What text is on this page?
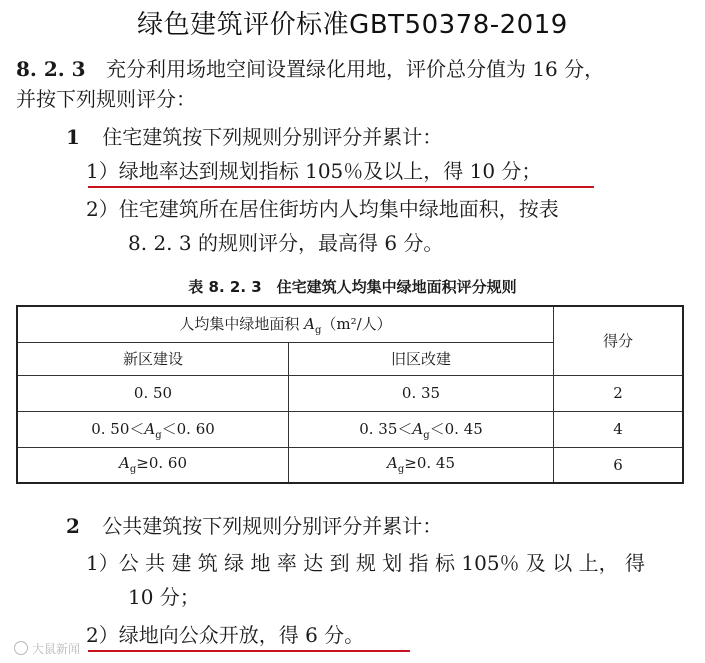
绿色建筑评价标准GBT50378-2019
8. 2. 3 充分利用场地空间设置绿化用地，评价总分值为 16 分，
并按下列规则评分：
1 住宅建筑按下列规则分别评分并累计：
1）绿地率达到规划指标 105％及以上，得 10 分；
2）住宅建筑所在居住街坊内人均集中绿地面积，按表
8. 2. 3 的规则评分，最高得 6 分。
表 8. 2. 3　住宅建筑人均集中绿地面积评分规则
人均集中绿地面积 $A_g(m^2/$人）		得分
新区建设	旧区改建	
0. 50	0. 35	2
0. $50<A_g<0$. 60	0. $35<A_g<0$. 45	4
$A_g\ge 0$. 60	$A_g\ge 0$. 45	6
2 公共建筑按下列规则分别评分并累计：
1）公 共 建 筑 绿 地 率 达 到 规 划 指 标 105％ 及 以 上， 得
10 分；
2）绿地向公众开放，得 6 分。
大鼠新闻
